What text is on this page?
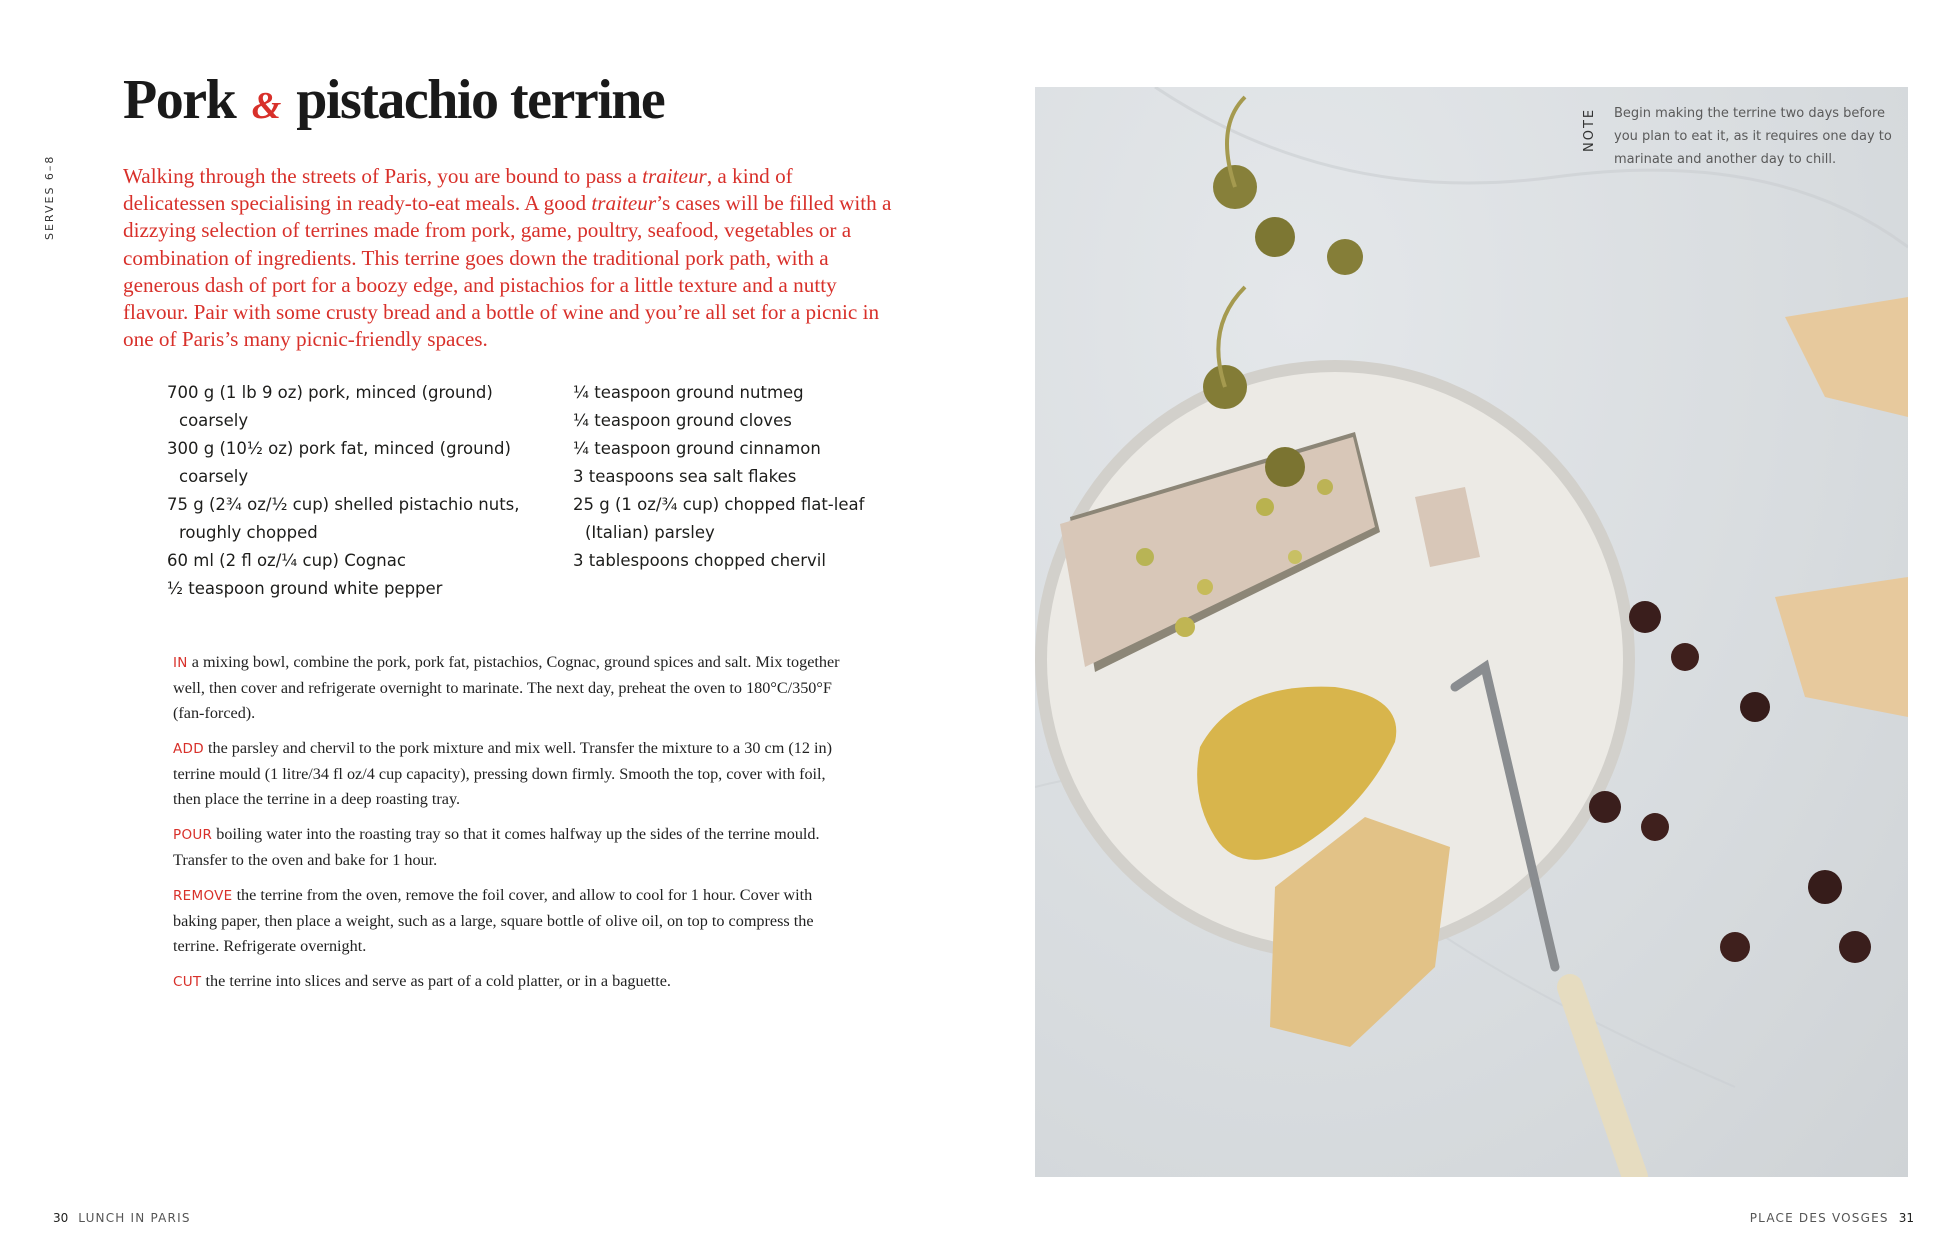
Pork & pistachio terrine
SERVES 6–8	Walking through the streets of Paris, you are bound to pass a traiteur, a kind of delicatessen specialising in ready-to-eat meals. A good traiteur’s cases will be filled with a dizzying selection of terrines made from pork, game, poultry, seafood, vegetables or a combination of ingredients. This terrine goes down the traditional pork path, with a generous dash of port for a boozy edge, and pistachios for a little texture and a nutty flavour. Pair with some crusty bread and a bottle of wine and you’re all set for a picnic in one of Paris’s many picnic-friendly spaces.

700 g (1 lb 9 oz) pork, minced (ground) coarsely
300 g (10½ oz) pork fat, minced (ground) coarsely
75 g (2¾ oz/½ cup) shelled pistachio nuts, roughly chopped
60 ml (2 fl oz/¼ cup) Cognac
½ teaspoon ground white pepper
¼ teaspoon ground nutmeg
¼ teaspoon ground cloves
¼ teaspoon ground cinnamon
3 teaspoons sea salt flakes
25 g (1 oz/¾ cup) chopped flat-leaf (Italian) parsley
3 tablespoons chopped chervil

IN a mixing bowl, combine the pork, pork fat, pistachios, Cognac, ground spices and salt. Mix together well, then cover and refrigerate overnight to marinate. The next day, preheat the oven to 180°C/350°F (fan-forced).

ADD the parsley and chervil to the pork mixture and mix well. Transfer the mixture to a 30 cm (12 in) terrine mould (1 litre/34 fl oz/4 cup capacity), pressing down firmly. Smooth the top, cover with foil, then place the terrine in a deep roasting tray.

POUR boiling water into the roasting tray so that it comes halfway up the sides of the terrine mould. Transfer to the oven and bake for 1 hour.

REMOVE the terrine from the oven, remove the foil cover, and allow to cool for 1 hour. Cover with baking paper, then place a weight, such as a large, square bottle of olive oil, on top to compress the terrine. Refrigerate overnight.

CUT the terrine into slices and serve as part of a cold platter, or in a baguette.

NOTE Begin making the terrine two days before you plan to eat it, as it requires one day to marinate and another day to chill.

30 LUNCH IN PARIS	PLACE DES VOSGES 31
